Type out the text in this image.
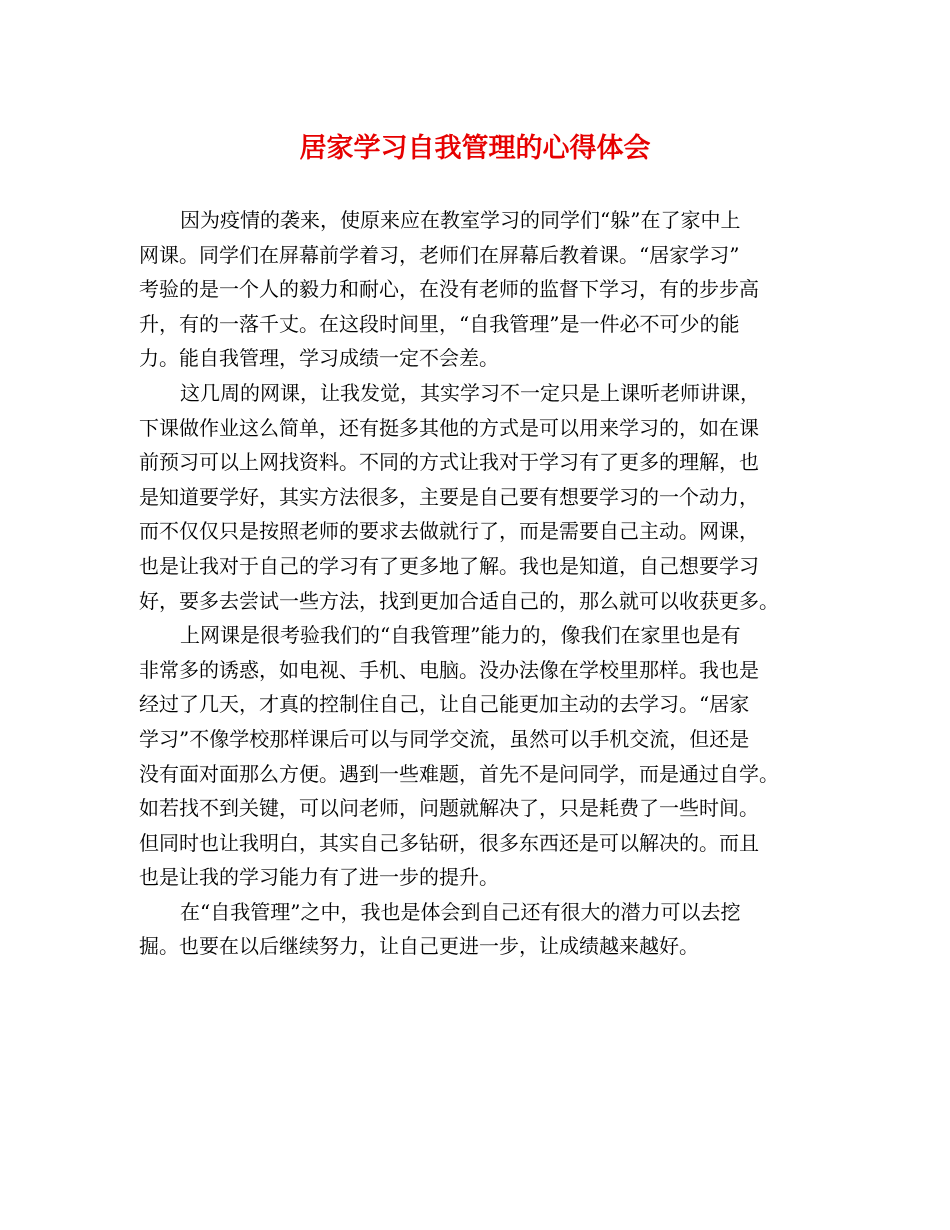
居家学习自我管理的心得体会
因为疫情的袭来，使原来应在教室学习的同学们“躲”在了家中上
网课。同学们在屏幕前学着习，老师们在屏幕后教着课。“居家学习”
考验的是一个人的毅力和耐心，在没有老师的监督下学习，有的步步高
升，有的一落千丈。在这段时间里，“自我管理”是一件必不可少的能
力。能自我管理，学习成绩一定不会差。
这几周的网课，让我发觉，其实学习不一定只是上课听老师讲课，
下课做作业这么简单，还有挺多其他的方式是可以用来学习的，如在课
前预习可以上网找资料。不同的方式让我对于学习有了更多的理解，也
是知道要学好，其实方法很多，主要是自己要有想要学习的一个动力，
而不仅仅只是按照老师的要求去做就行了，而是需要自己主动。网课，
也是让我对于自己的学习有了更多地了解。我也是知道，自己想要学习
好，要多去尝试一些方法，找到更加合适自己的，那么就可以收获更多。
上网课是很考验我们的“自我管理”能力的，像我们在家里也是有
非常多的诱惑，如电视、手机、电脑。没办法像在学校里那样。我也是
经过了几天，才真的控制住自己，让自己能更加主动的去学习。“居家
学习”不像学校那样课后可以与同学交流，虽然可以手机交流，但还是
没有面对面那么方便。遇到一些难题，首先不是问同学，而是通过自学。
如若找不到关键，可以问老师，问题就解决了，只是耗费了一些时间。
但同时也让我明白，其实自己多钻研，很多东西还是可以解决的。而且
也是让我的学习能力有了进一步的提升。
在“自我管理”之中，我也是体会到自己还有很大的潜力可以去挖
掘。也要在以后继续努力，让自己更进一步，让成绩越来越好。
